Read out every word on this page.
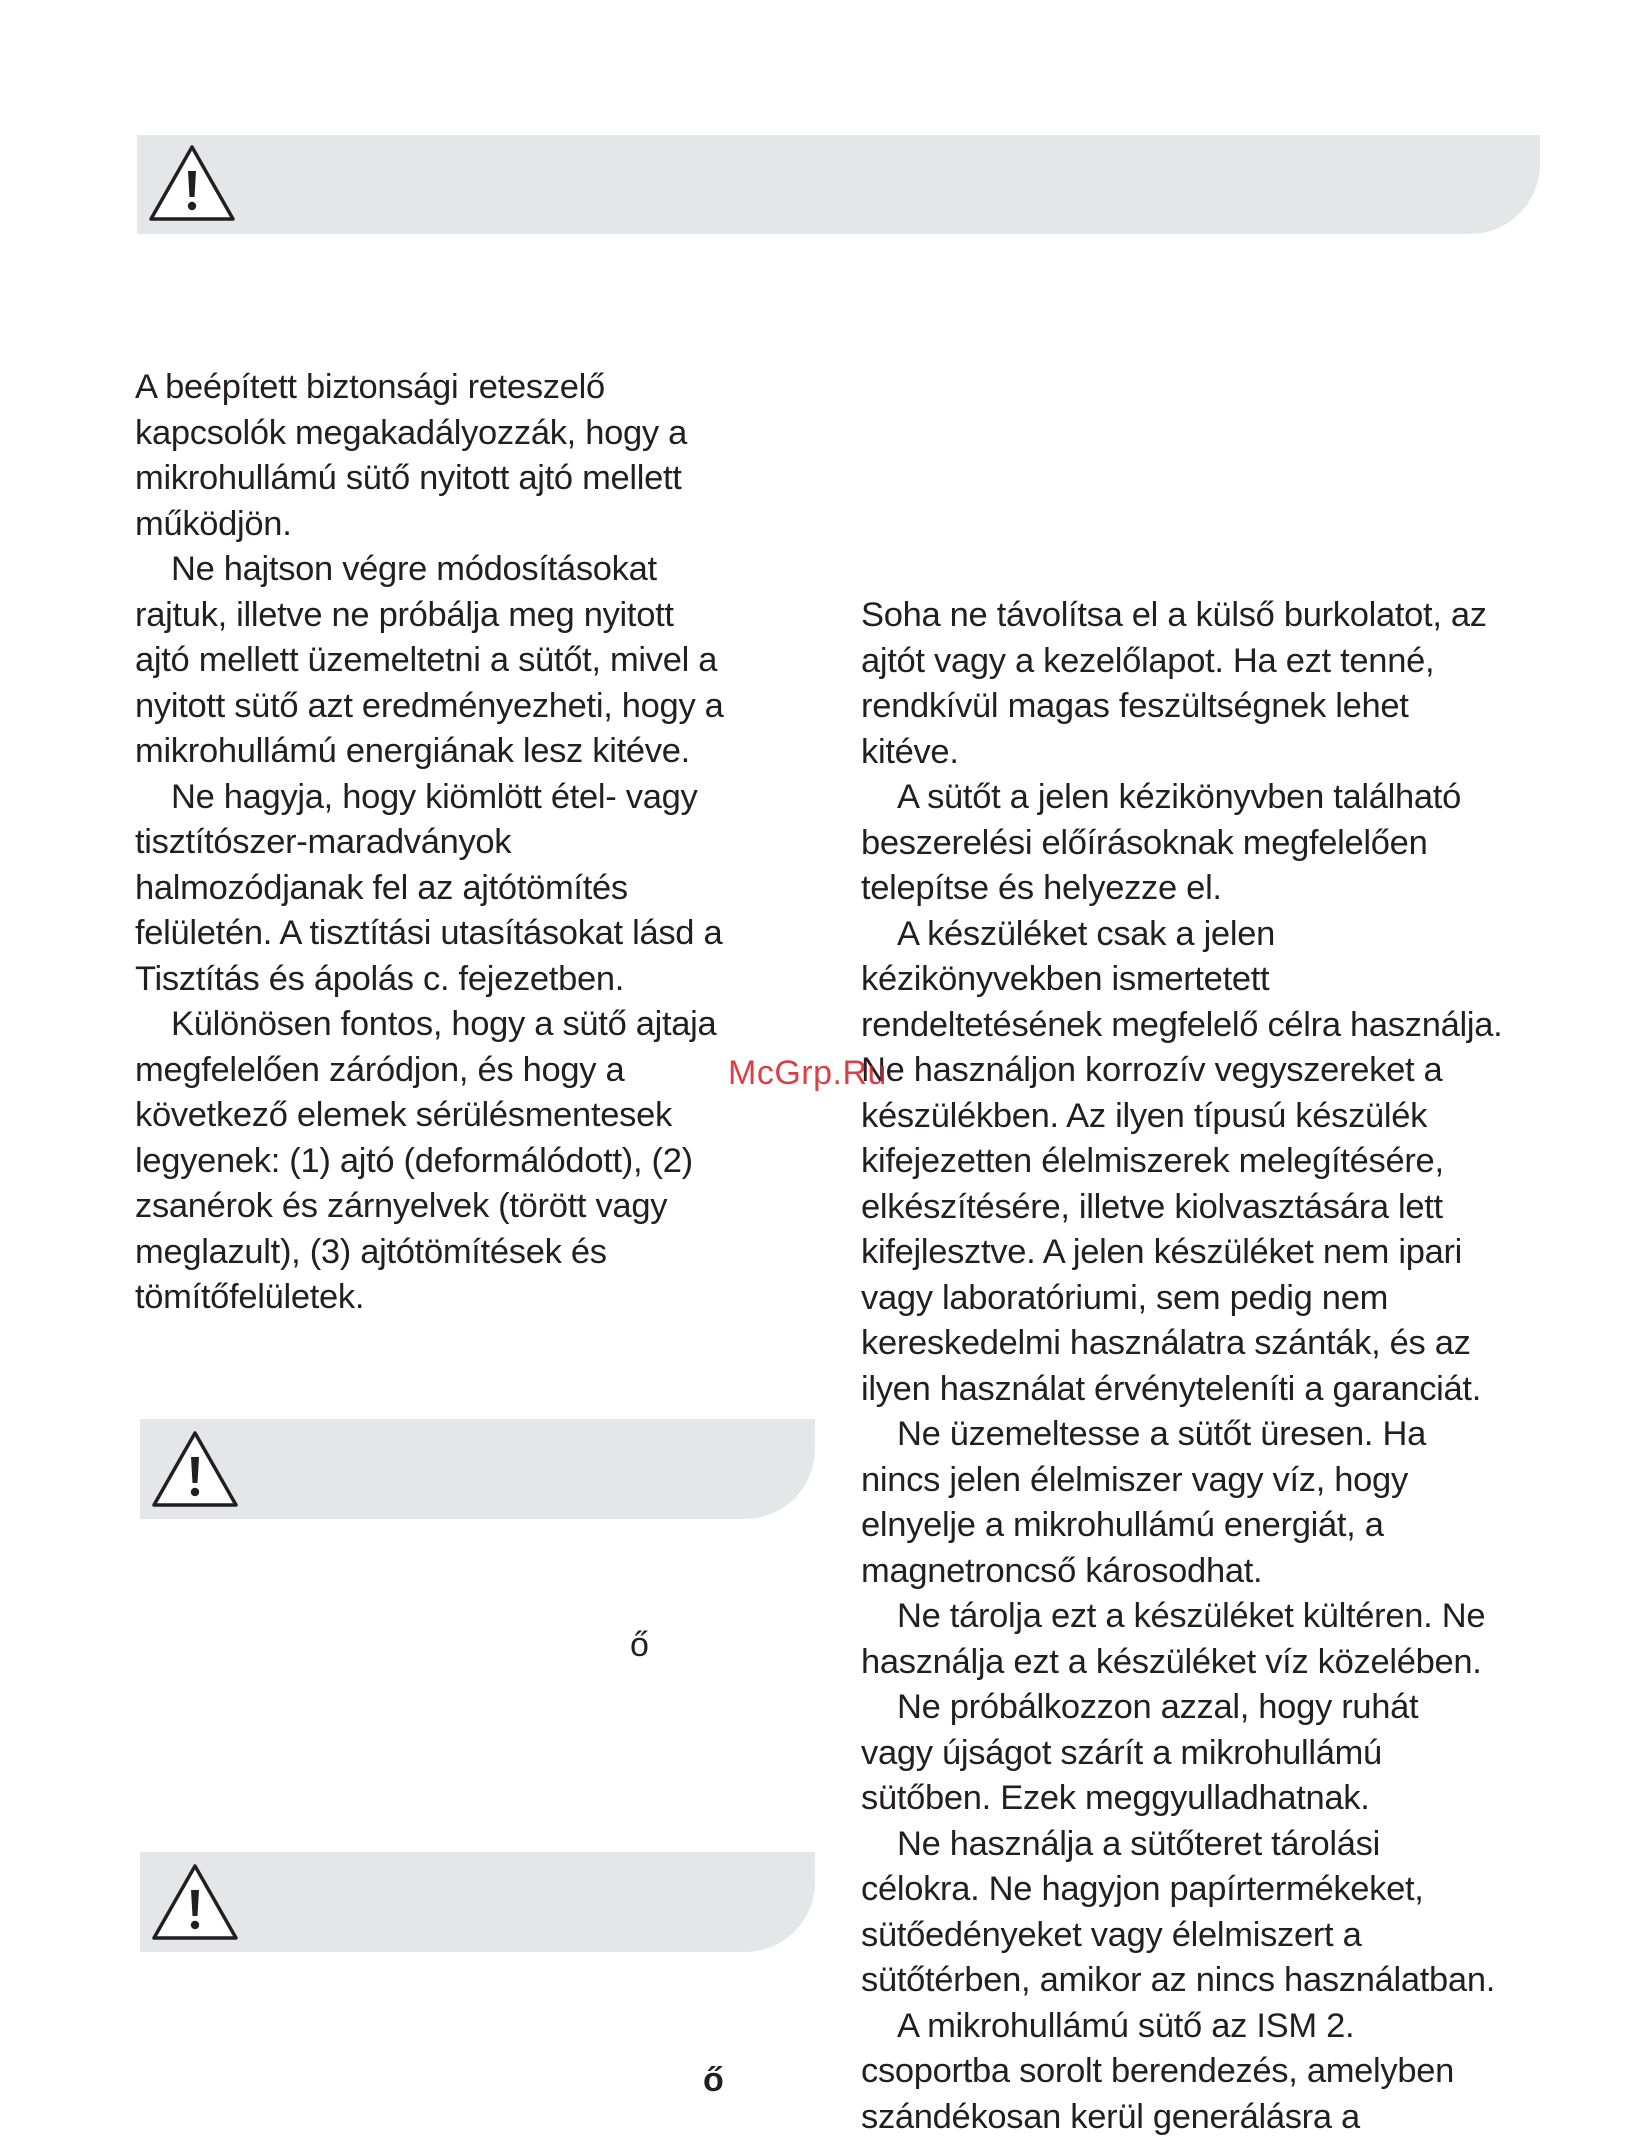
A beépített biztonsági reteszelő
kapcsolók megakadályozzák, hogy a
mikrohullámú sütő nyitott ajtó mellett
működjön.

Ne hajtson végre módosításokat
rajtuk, illetve ne próbálja meg nyitott
ajtó mellett üzemeltetni a sütőt, mivel a
nyitott sütő azt eredményezheti, hogy a
mikrohullámú energiának lesz kitéve.

Ne hagyja, hogy kiömlött étel- vagy
tisztítószer-maradványok
halmozódjanak fel az ajtótömítés
felületén. A tisztítási utasításokat lásd a
Tisztítás és ápolás c. fejezetben.

Különösen fontos, hogy a sütő ajtaja
megfelelően záródjon, és hogy a
következő elemek sérülésmentesek
legyenek: (1) ajtó (deformálódott), (2)
zsanérok és zárnyelvek (törött vagy
meglazult), (3) ajtótömítések és
tömítőfelületek.

ő
ő

Soha ne távolítsa el a külső burkolatot, az
ajtót vagy a kezelőlapot. Ha ezt tenné,
rendkívül magas feszültségnek lehet
kitéve.

A sütőt a jelen kézikönyvben található
beszerelési előírásoknak megfelelően
telepítse és helyezze el.

A készüléket csak a jelen
kézikönyvekben ismertetett
rendeltetésének megfelelő célra használja.
Ne használjon korrozív vegyszereket a
készülékben. Az ilyen típusú készülék
kifejezetten élelmiszerek melegítésére,
elkészítésére, illetve kiolvasztására lett
kifejlesztve. A jelen készüléket nem ipari
vagy laboratóriumi, sem pedig nem
kereskedelmi használatra szánták, és az
ilyen használat érvényteleníti a garanciát.

Ne üzemeltesse a sütőt üresen. Ha
nincs jelen élelmiszer vagy víz, hogy
elnyelje a mikrohullámú energiát, a
magnetroncső károsodhat.

Ne tárolja ezt a készüléket kültéren. Ne
használja ezt a készüléket víz közelében.

Ne próbálkozzon azzal, hogy ruhát
vagy újságot szárít a mikrohullámú
sütőben. Ezek meggyulladhatnak.

Ne használja a sütőteret tárolási
célokra. Ne hagyjon papírtermékeket,
sütőedényeket vagy élelmiszert a
sütőtérben, amikor az nincs használatban.

A mikrohullámú sütő az ISM 2.
csoportba sorolt berendezés, amelyben
szándékosan kerül generálásra a

McGrp.Ru
